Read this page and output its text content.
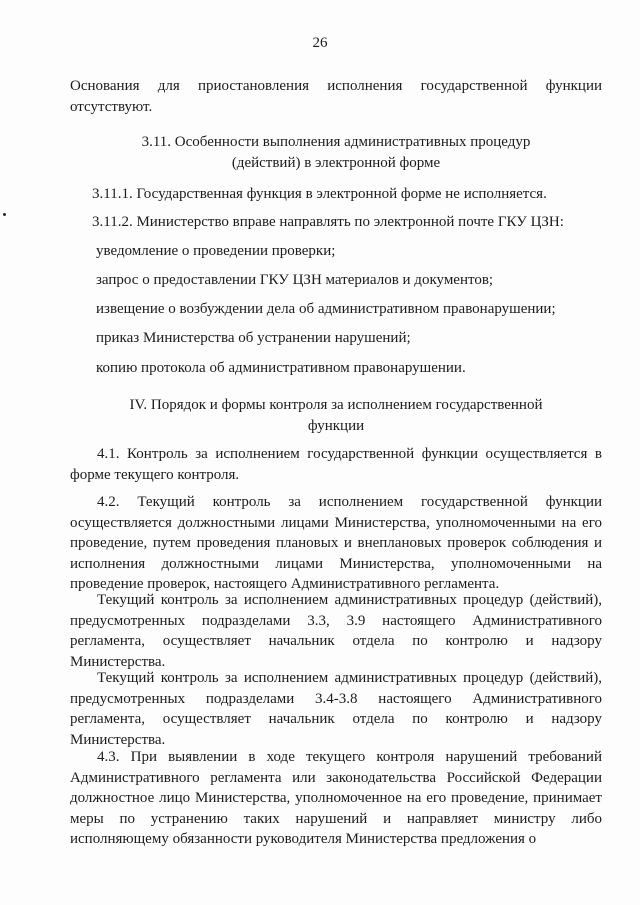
26
Основания для приостановления исполнения государственной функции отсутствуют.
3.11. Особенности выполнения административных процедур (действий) в электронной форме
3.11.1. Государственная функция в электронной форме не исполняется.
3.11.2. Министерство вправе направлять по электронной почте ГКУ ЦЗН:
уведомление о проведении проверки;
запрос о предоставлении ГКУ ЦЗН материалов и документов;
извещение о возбуждении дела об административном правонарушении;
приказ Министерства об устранении нарушений;
копию протокола об административном правонарушении.
IV. Порядок и формы контроля за исполнением государственной функции
4.1. Контроль за исполнением государственной функции осуществляется в форме текущего контроля.
4.2. Текущий контроль за исполнением государственной функции осуществляется должностными лицами Министерства, уполномоченными на его проведение, путем проведения плановых и внеплановых проверок соблюдения и исполнения должностными лицами Министерства, уполномоченными на проведение проверок, настоящего Административного регламента.
Текущий контроль за исполнением административных процедур (действий), предусмотренных подразделами 3.3, 3.9 настоящего Административного регламента, осуществляет начальник отдела по контролю и надзору Министерства.
Текущий контроль за исполнением административных процедур (действий), предусмотренных подразделами 3.4-3.8 настоящего Административного регламента, осуществляет начальник отдела по контролю и надзору Министерства.
4.3. При выявлении в ходе текущего контроля нарушений требований Административного регламента или законодательства Российской Федерации должностное лицо Министерства, уполномоченное на его проведение, принимает меры по устранению таких нарушений и направляет министру либо исполняющему обязанности руководителя Министерства предложения о
